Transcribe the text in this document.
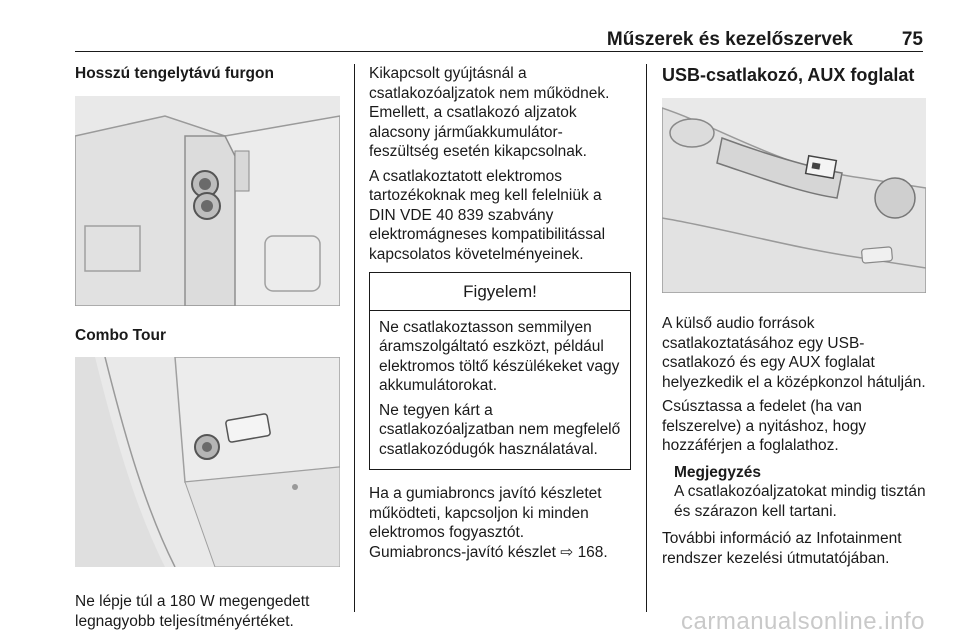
Műszerek és kezelőszervek	75
Hosszú tengelytávú furgon
Combo Tour
Ne lépje túl a 180 W megengedett legnagyobb teljesítményértéket.
Kikapcsolt gyújtásnál a csatlakozóaljzatok nem működnek. Emellett, a csatlakozó aljzatok alacsony járműakkumulátor-feszültség esetén kikapcsolnak.
A csatlakoztatott elektromos tartozékoknak meg kell felelniük a DIN VDE 40 839 szabvány elektromágneses kompatibilitással kapcsolatos követelményeinek.
Figyelem!
Ne csatlakoztasson semmilyen áramszolgáltató eszközt, például elektromos töltő készülékeket vagy akkumulátorokat.
Ne tegyen kárt a csatlakozóaljzatban nem megfelelő csatlakozódugók használatával.
Ha a gumiabroncs javító készletet működteti, kapcsoljon ki minden elektromos fogyasztót.
Gumiabroncs-javító készlet ⇨ 168.
USB-csatlakozó, AUX foglalat
A külső audio források csatlakoztatásához egy USB-csatlakozó és egy AUX foglalat helyezkedik el a középkonzol hátulján.
Csúsztassa a fedelet (ha van felszerelve) a nyitáshoz, hogy hozzáférjen a foglalathoz.
Megjegyzés
A csatlakozóaljzatokat mindig tisztán és szárazon kell tartani.
További információ az Infotainment rendszer kezelési útmutatójában.
carmanualsonline.info
